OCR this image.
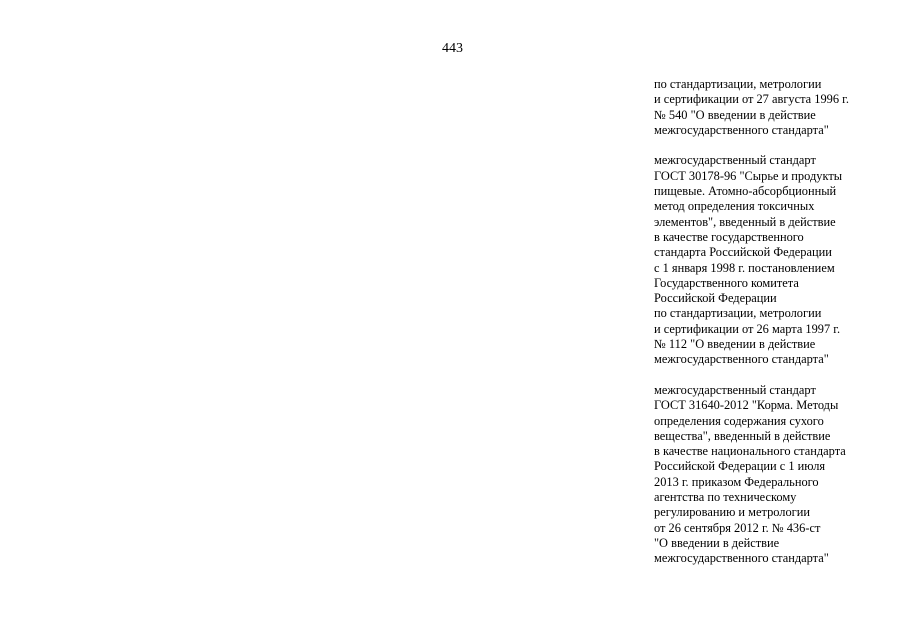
443
по стандартизации, метрологии
и сертификации от 27 августа 1996 г.
№ 540 "О введении в действие
межгосударственного стандарта"
межгосударственный стандарт
ГОСТ 30178-96 "Сырье и продукты
пищевые. Атомно-абсорбционный
метод определения токсичных
элементов", введенный в действие
в качестве государственного
стандарта Российской Федерации
с 1 января 1998 г. постановлением
Государственного комитета
Российской Федерации
по стандартизации, метрологии
и сертификации от 26 марта 1997 г.
№ 112 "О введении в действие
межгосударственного стандарта"
межгосударственный стандарт
ГОСТ 31640-2012 "Корма. Методы
определения содержания сухого
вещества", введенный в действие
в качестве национального стандарта
Российской Федерации с 1 июля
2013 г. приказом Федерального
агентства по техническому
регулированию и метрологии
от 26 сентября 2012 г. № 436-ст
"О введении в действие
межгосударственного стандарта"
